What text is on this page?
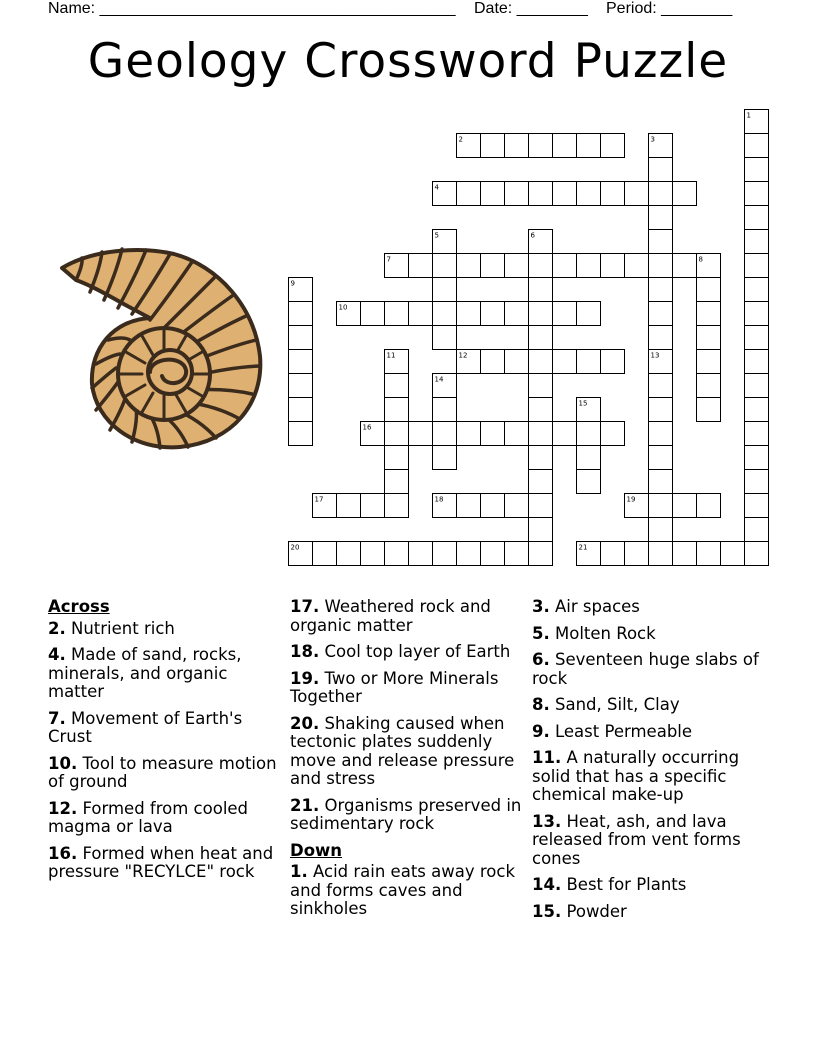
Name: ________________________________________ Date: ________ Period: ________
Geology Crossword Puzzle
1
2	3
4
5	6
7	8
9
10
11	12	13
14
15
16
17	18	19
20	21
Across
2. Nutrient rich
4. Made of sand, rocks, minerals, and organic matter
7. Movement of Earth's Crust
10. Tool to measure motion of ground
12. Formed from cooled magma or lava
16. Formed when heat and pressure "RECYLCE" rock
17. Weathered rock and organic matter
18. Cool top layer of Earth
19. Two or More Minerals Together
20. Shaking caused when tectonic plates suddenly move and release pressure and stress
21. Organisms preserved in sedimentary rock
Down
1. Acid rain eats away rock and forms caves and sinkholes
3. Air spaces
5. Molten Rock
6. Seventeen huge slabs of rock
8. Sand, Silt, Clay
9. Least Permeable
11. A naturally occurring solid that has a specific chemical make-up
13. Heat, ash, and lava released from vent forms cones
14. Best for Plants
15. Powder
